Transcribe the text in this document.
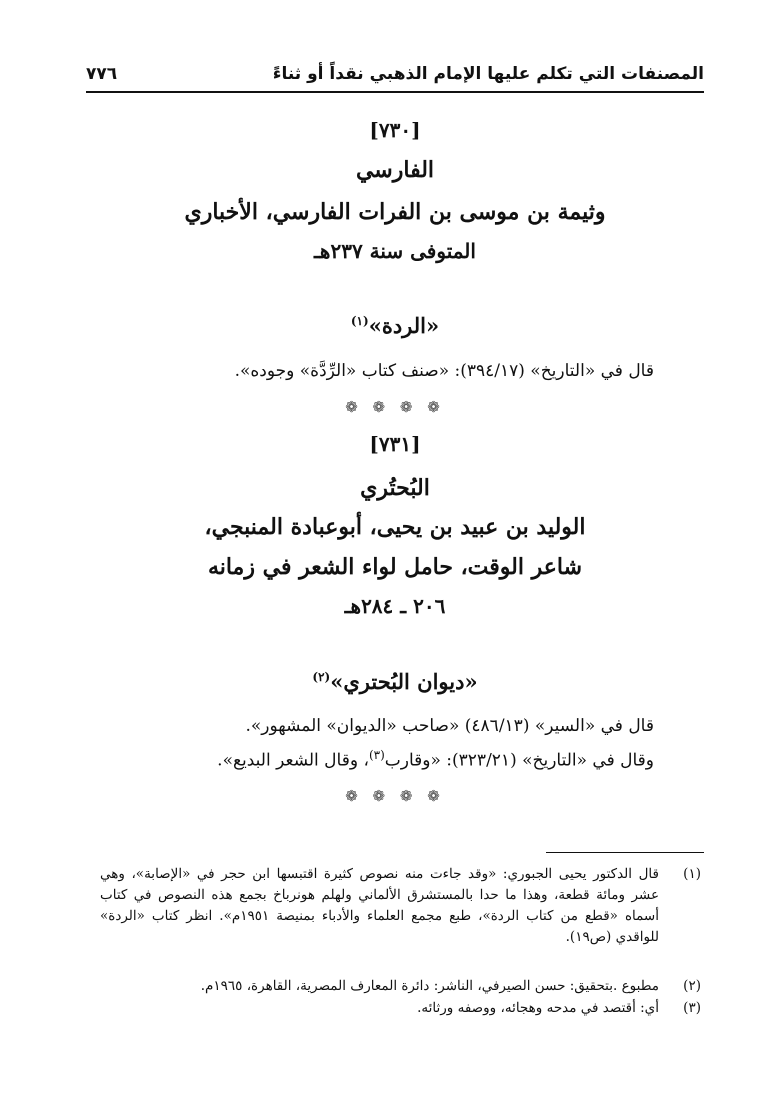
المصنفات التي تكلم عليها الإمام الذهبي نقداً أو ثناءً
٧٧٦
[٧٣٠]
الفارسي
وثيمة بن موسى بن الفرات الفارسي، الأخباري
المتوفى سنة ٢٣٧هـ
«الردة»$^{(١)}$
قال في «التاريخ» (٣٩٤/١٧): «صنف كتاب «الرِّدَّة» وجوده».
❁ ❁ ❁ ❁
[٧٣١]
البُحتُري
الوليد بن عبيد بن يحيى، أبوعبادة المنبجي،
شاعر الوقت، حامل لواء الشعر في زمانه
٢٠٦ ـ ٢٨٤هـ
«ديوان البُحتري»$^{(٢)}$
قال في «السير» (٤٨٦/١٣) «صاحب «الديوان» المشهور».
وقال في «التاريخ» (٣٢٣/٢١): «وقارب$^{(٣)}$، وقال الشعر البديع».
❁ ❁ ❁ ❁
(١)
قال الدكتور يحيى الجبوري: «وقد جاءت منه نصوص كثيرة اقتبسها ابن حجر في «الإصابة»، وهي عشر ومائة قطعة، وهذا ما حدا بالمستشرق الألماني ولهلم هونرباخ بجمع هذه النصوص في كتاب أسماه «قطع من كتاب الردة»، طبع مجمع العلماء والأدباء بمنيصة ١٩٥١م». انظر كتاب «الردة» للواقدي (ص١٩).
(٢)
مطبوع .بتحقيق: حسن الصيرفي، الناشر: دائرة المعارف المصرية، القاهرة، ١٩٦٥م.
(٣)
أي: أقتصد في مدحه وهجائه، ووصفه ورثائه.
